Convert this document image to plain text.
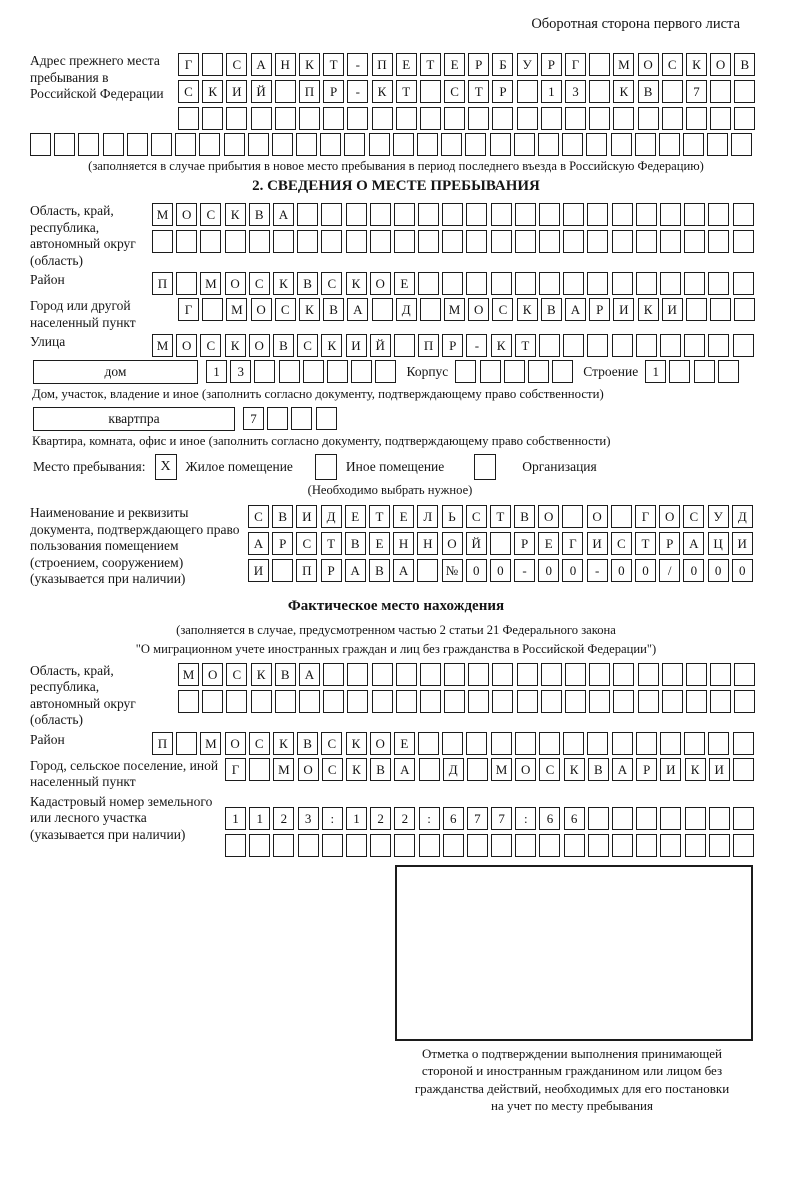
Оборотная сторона первого листа
Адрес прежнего места пребывания в Российской Федерации
Г	С	А	Н	К	Т	-	П	Е	Т	Е	Р	Б	У	Р	Г	М	О	С	К	О	В
С	К	И	Й	П	Р	-	К	Т	С	Т	Р	1	3	К	В	7
(заполняется в случае прибытия в новое место пребывания в период последнего въезда в Российскую Федерацию)
2. СВЕДЕНИЯ О МЕСТЕ ПРЕБЫВАНИЯ
Область, край, республика, автономный округ (область)
М	О	С	К	В	А
Район	П	М	О	С	К	В	С	К	О	Е
Город или другой населенный пункт
Г	М	О	С	К	В	А	Д	М	О	С	К	В	А	Р	И	К	И
Улица	М	О	С	К	О	В	С	К	И	Й	П	Р	-	К	Т
дом	1	3	Корпус	Строение	1
Дом, участок, владение и иное (заполнить согласно документу, подтверждающему право собственности)
квартпра	7
Квартира, комната, офис и иное (заполнить согласно документу, подтверждающему право собственности)
Место пребывания:	X	Жилое помещение	Иное помещение	Организация
(Необходимо выбрать нужное)
Наименование и реквизиты документа, подтверждающего право пользования помещением (строением, сооружением) (указывается при наличии)
С	В	И	Д	Е	Т	Е	Л	Ь	С	Т	В	О	О	Г	О	С	У	Д
А	Р	С	Т	В	Е	Н	Н	О	Й	Р	Е	Г	И	С	Т	Р	А	Ц	И
И	П	Р	А	В	А	№	0	0	-	0	0	-	0	0	/	0	0	0
Фактическое место нахождения
(заполняется в случае, предусмотренном частью 2 статьи 21 Федерального закона
"О миграционном учете иностранных граждан и лиц без гражданства в Российской Федерации")
Область, край, республика, автономный округ (область)
М	О	С	К	В	А
Район	П	М	О	С	К	В	С	К	О	Е
Город, сельское поселение, иной населенный пункт
Г	М	О	С	К	В	А	Д	М	О	С	К	В	А	Р	И	К	И
Кадастровый номер земельного или лесного участка (указывается при наличии)
1	1	2	3	:	1	2	2	:	6	7	7	:	6	6
Отметка о подтверждении выполнения принимающей
стороной и иностранным гражданином или лицом без
гражданства действий, необходимых для его постановки
на учет по месту пребывания
